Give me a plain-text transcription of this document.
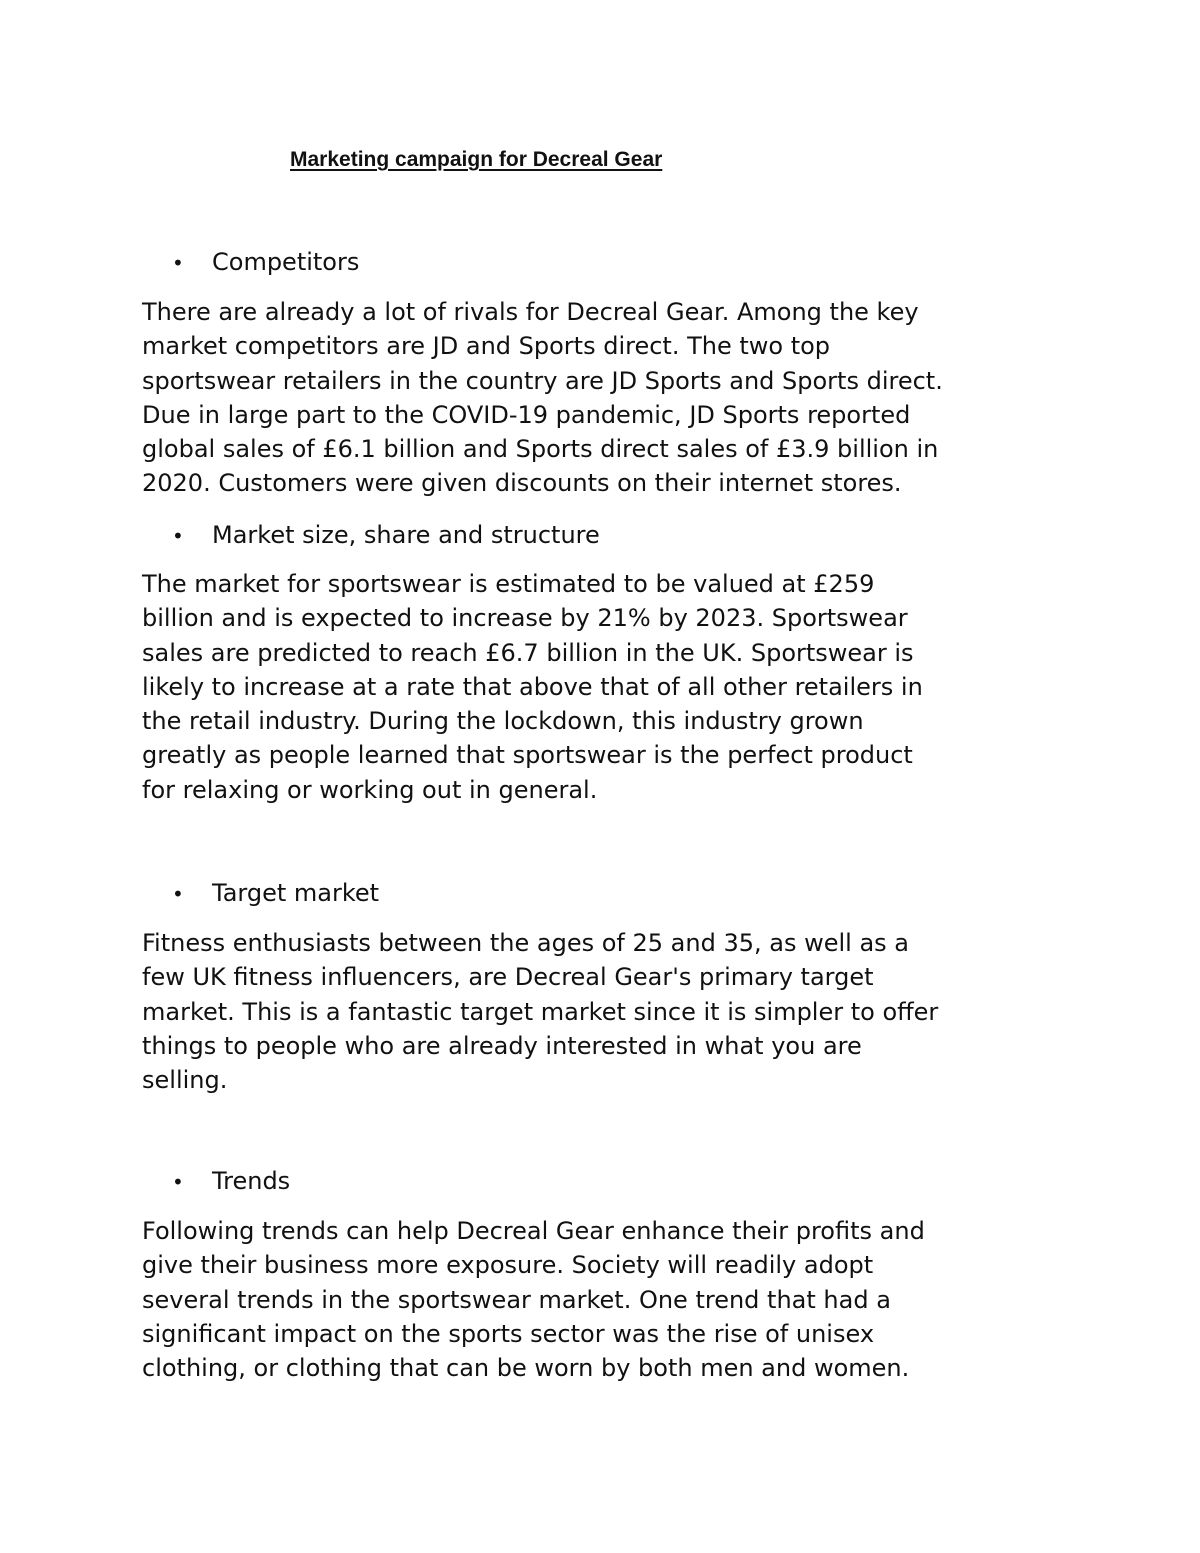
Marketing campaign for Decreal Gear
• Competitors

There are already a lot of rivals for Decreal Gear. Among the key
market competitors are JD and Sports direct. The two top
sportswear retailers in the country are JD Sports and Sports direct.
Due in large part to the COVID-19 pandemic, JD Sports reported
global sales of £6.1 billion and Sports direct sales of £3.9 billion in
2020. Customers were given discounts on their internet stores.

• Market size, share and structure

The market for sportswear is estimated to be valued at £259
billion and is expected to increase by 21% by 2023. Sportswear
sales are predicted to reach £6.7 billion in the UK. Sportswear is
likely to increase at a rate that above that of all other retailers in
the retail industry. During the lockdown, this industry grown
greatly as people learned that sportswear is the perfect product
for relaxing or working out in general.

• Target market

Fitness enthusiasts between the ages of 25 and 35, as well as a
few UK fitness influencers, are Decreal Gear's primary target
market. This is a fantastic target market since it is simpler to offer
things to people who are already interested in what you are
selling.

• Trends

Following trends can help Decreal Gear enhance their profits and
give their business more exposure. Society will readily adopt
several trends in the sportswear market. One trend that had a
significant impact on the sports sector was the rise of unisex
clothing, or clothing that can be worn by both men and women.
